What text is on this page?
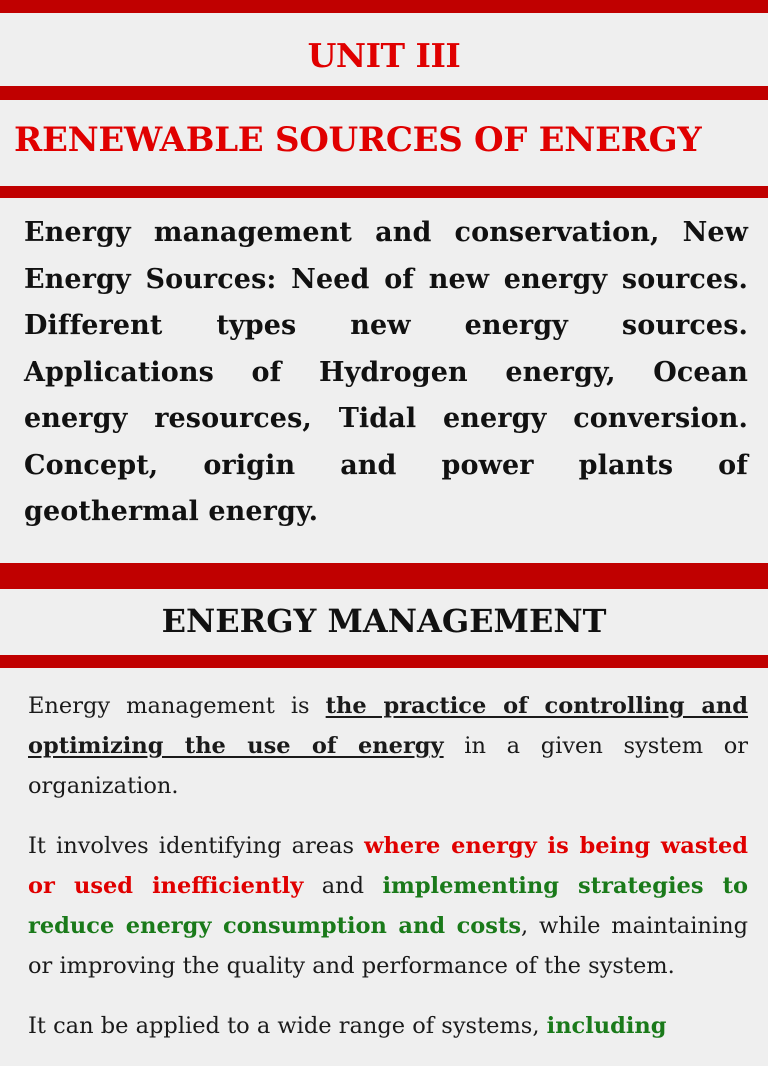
UNIT III
RENEWABLE SOURCES OF ENERGY
Energy management and conservation, New Energy Sources: Need of new energy sources. Different types new energy sources. Applications of Hydrogen energy, Ocean energy resources, Tidal energy conversion. Concept, origin and power plants of geothermal energy.
ENERGY MANAGEMENT

Energy management is the practice of controlling and optimizing the use of energy in a given system or organization.

It involves identifying areas where energy is being wasted or used inefficiently and implementing strategies to reduce energy consumption and costs, while maintaining or improving the quality and performance of the system.

It can be applied to a wide range of systems, including
